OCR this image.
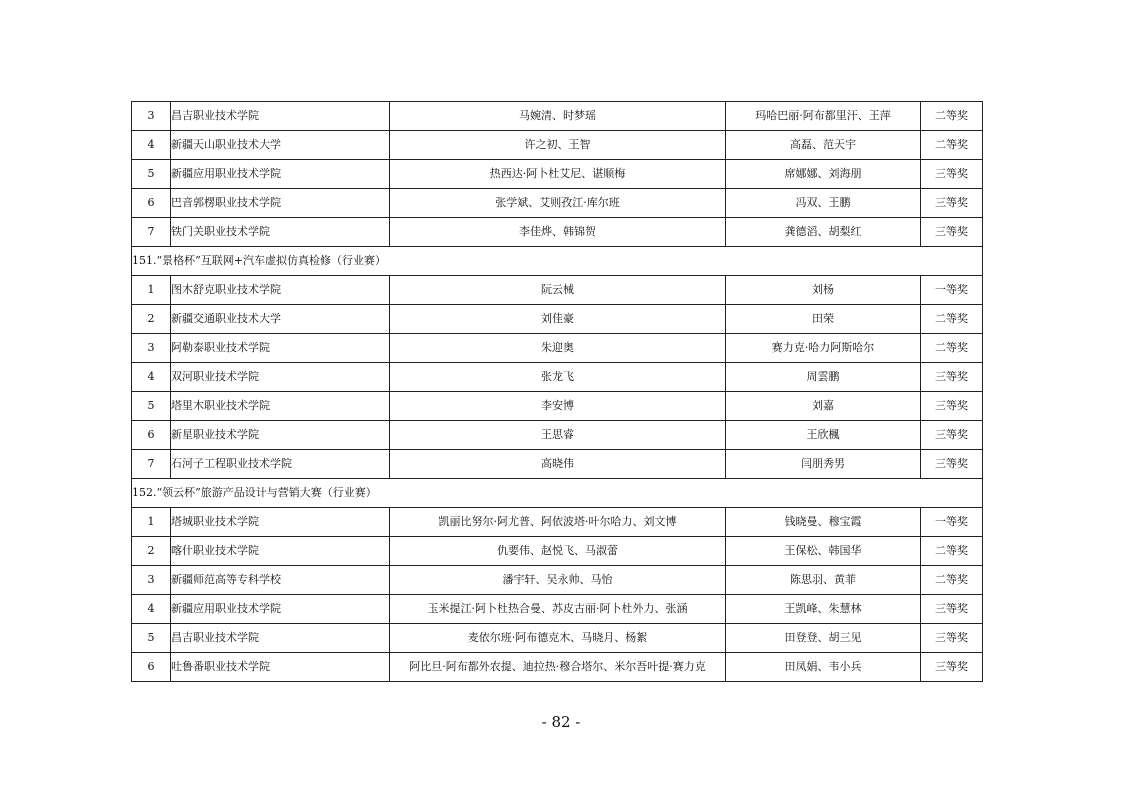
3	昌吉职业技术学院	马婉清、时梦瑶	玛哈巴丽·阿布都里汗、王萍	二等奖
4	新疆天山职业技术大学	许之初、王智	高磊、范天宇	二等奖
5	新疆应用职业技术学院	热西达·阿卜杜艾尼、谌顺梅	席娜娜、刘海朋	三等奖
6	巴音郭楞职业技术学院	张学斌、艾则孜江·库尔班	冯双、王鹏	三等奖
7	铁门关职业技术学院	李佳烨、韩锦贺	龚德滔、胡梨红	三等奖
151.“景格杯”互联网+汽车虚拟仿真检修（行业赛）				
1	图木舒克职业技术学院	阮云械	刘杨	一等奖
2	新疆交通职业技术大学	刘佳豪	田荣	二等奖
3	阿勒泰职业技术学院	朱迎奥	赛力克·哈力阿斯哈尔	二等奖
4	双河职业技术学院	张龙飞	周雲鹏	三等奖
5	塔里木职业技术学院	李安博	刘嘉	三等奖
6	新星职业技术学院	王思睿	王欣楓	三等奖
7	石河子工程职业技术学院	高晓伟	闫朋秀男	三等奖
152.“领云杯”旅游产品设计与营销大赛（行业赛）				
1	塔城职业技术学院	凯丽比努尔·阿尤普、阿依波塔·叶尔哈力、刘文博	钱晓曼、穆宝霞	一等奖
2	喀什职业技术学院	仇要伟、赵悦飞、马淑蕾	王保松、韩国华	二等奖
3	新疆师范高等专科学校	潘宇轩、吴永帅、马怡	陈思羽、黄菲	二等奖
4	新疆应用职业技术学院	玉米提江·阿卜杜热合曼、苏皮古丽·阿卜杜外力、张涵	王凯峰、朱慧林	三等奖
5	昌吉职业技术学院	麦依尔班·阿布德克木、马晓月、杨絮	田登登、胡三见	三等奖
6	吐鲁番职业技术学院	阿比旦·阿布都外农提、迪拉热·穆合塔尔、米尔吾叶提·赛力克	田凤娟、韦小兵	三等奖
- 82 -
